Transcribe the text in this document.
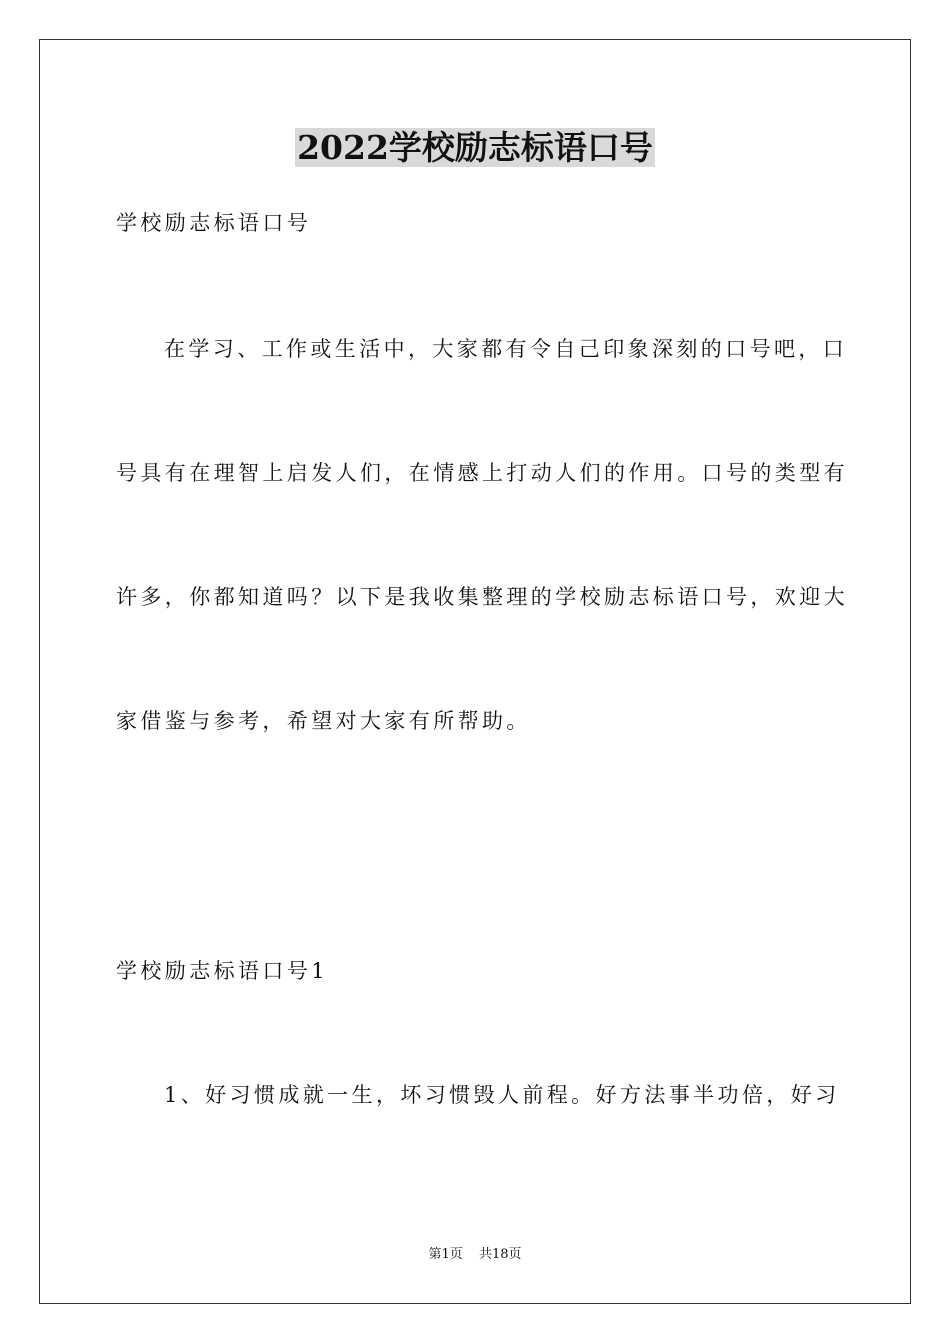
2022学校励志标语口号
学校励志标语口号
在学习、工作或生活中，大家都有令自己印象深刻的口号吧，口
号具有在理智上启发人们，在情感上打动人们的作用。口号的类型有
许多，你都知道吗？以下是我收集整理的学校励志标语口号，欢迎大
家借鉴与参考，希望对大家有所帮助。
学校励志标语口号1
1、好习惯成就一生，坏习惯毁人前程。好方法事半功倍，好习
第1页 共18页
